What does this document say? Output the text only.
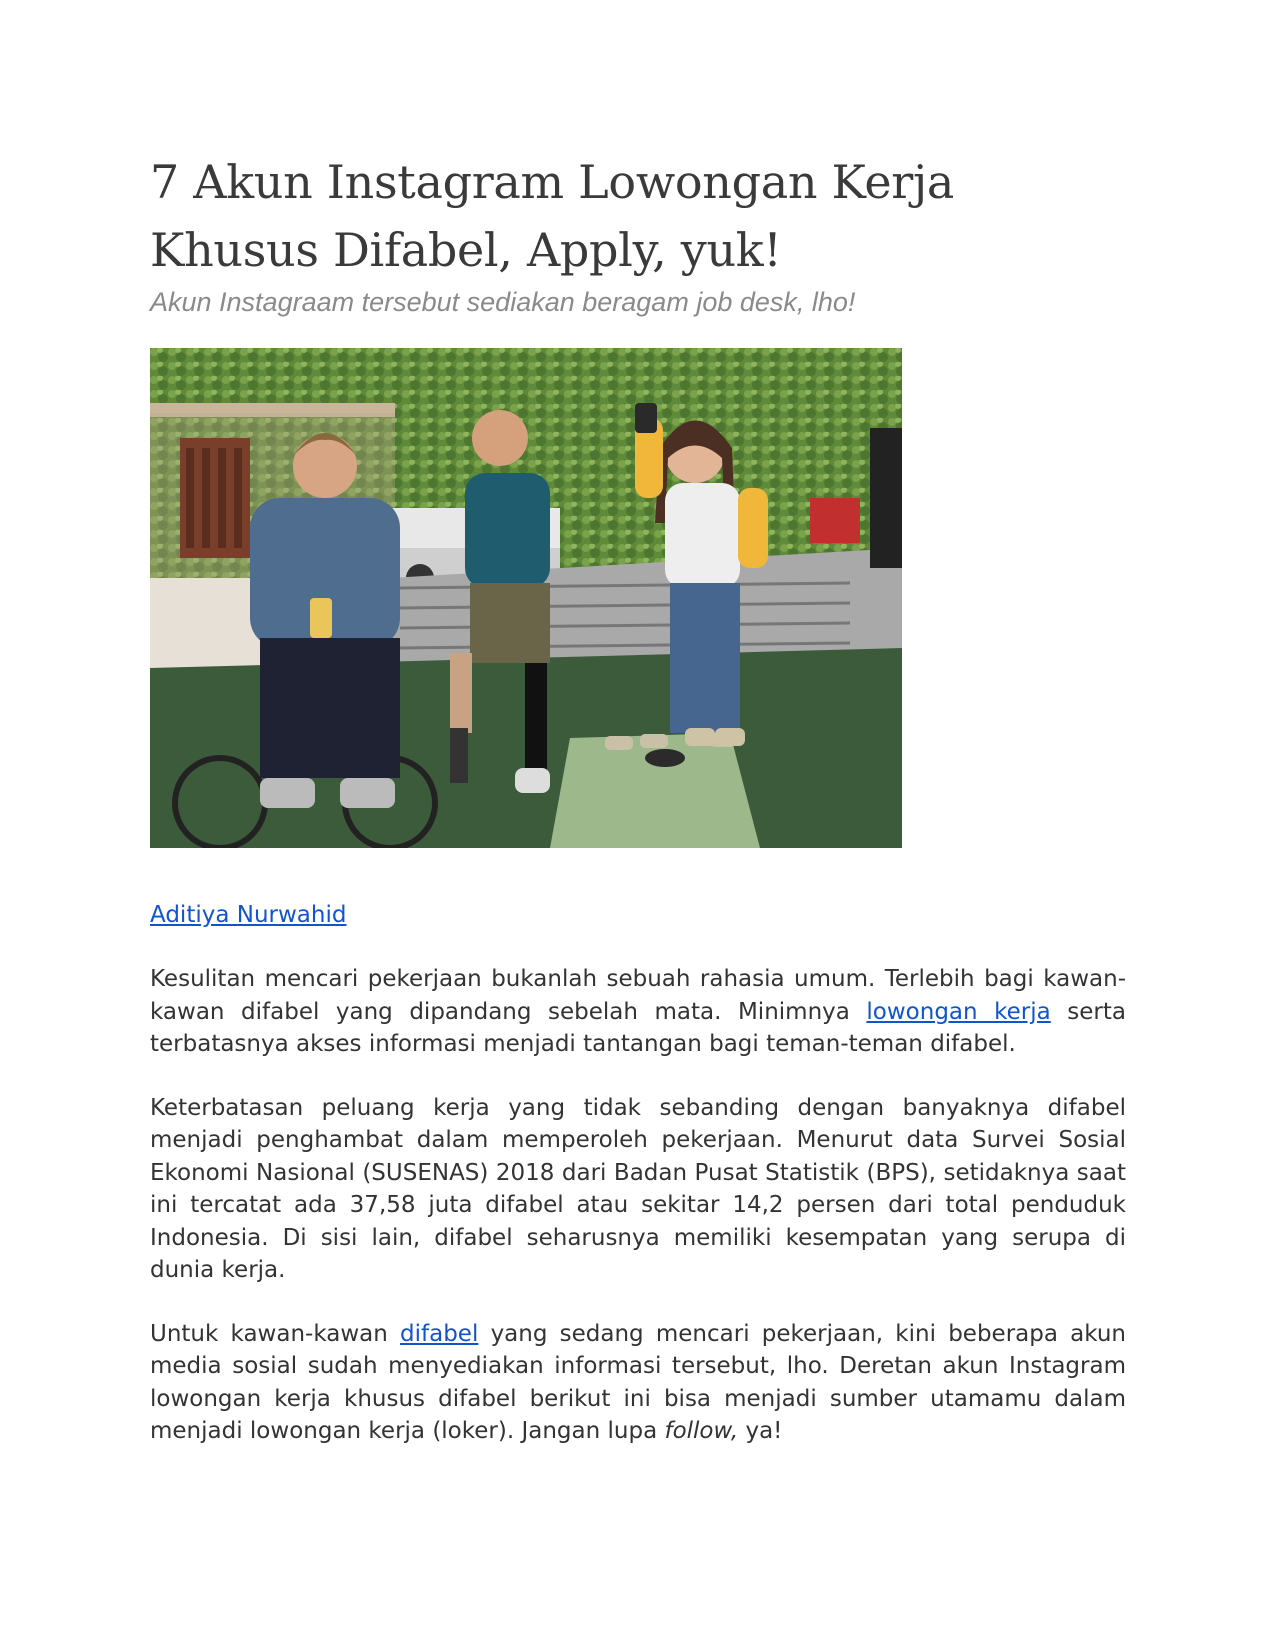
7 Akun Instagram Lowongan Kerja Khusus Difabel, Apply, yuk!

Akun Instagraam tersebut sediakan beragam job desk, lho!

Aditiya Nurwahid

Kesulitan mencari pekerjaan bukanlah sebuah rahasia umum. Terlebih bagi kawan-kawan difabel yang dipandang sebelah mata. Minimnya lowongan kerja serta terbatasnya akses informasi menjadi tantangan bagi teman-teman difabel.

Keterbatasan peluang kerja yang tidak sebanding dengan banyaknya difabel menjadi penghambat dalam memperoleh pekerjaan. Menurut data Survei Sosial Ekonomi Nasional (SUSENAS) 2018 dari Badan Pusat Statistik (BPS), setidaknya saat ini tercatat ada 37,58 juta difabel atau sekitar 14,2 persen dari total penduduk Indonesia. Di sisi lain, difabel seharusnya memiliki kesempatan yang serupa di dunia kerja.

Untuk kawan-kawan difabel yang sedang mencari pekerjaan, kini beberapa akun media sosial sudah menyediakan informasi tersebut, lho. Deretan akun Instagram lowongan kerja khusus difabel berikut ini bisa menjadi sumber utamamu dalam menjadi lowongan kerja (loker). Jangan lupa follow, ya!
